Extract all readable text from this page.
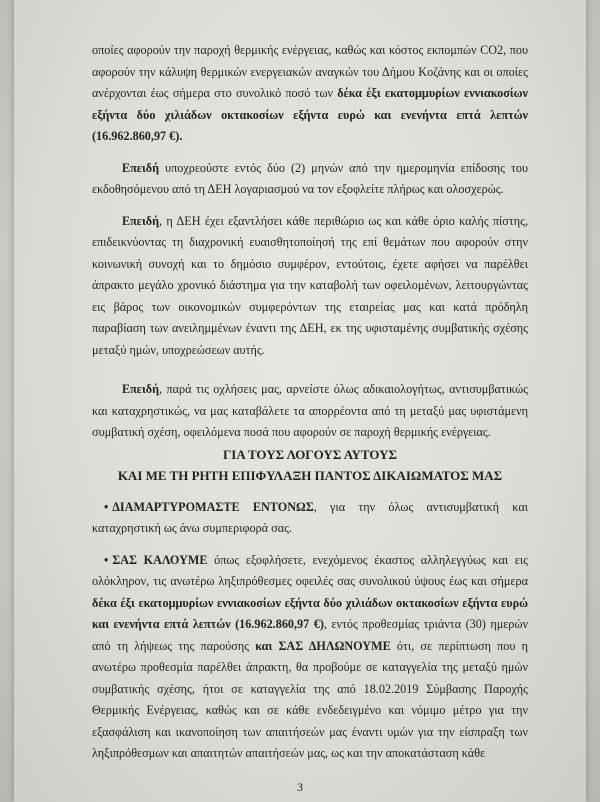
οποίες αφορούν την παροχή θερμικής ενέργειας, καθώς και κόστος εκπομπών CO2, που αφορούν την κάλυψη θερμικών ενεργειακών αναγκών του Δήμου Κοζάνης και οι οποίες ανέρχονται έως σήμερα στο συνολικό ποσό των δέκα έξι εκατομμυρίων εννιακοσίων εξήντα δύο χιλιάδων οκτακοσίων εξήντα ευρώ και ενενήντα επτά λεπτών (16.962.860,97 €).

Επειδή υποχρεούστε εντός δύο (2) μηνών από την ημερομηνία επίδοσης του εκδοθησόμενου από τη ΔΕΗ λογαριασμού να τον εξοφλείτε πλήρως και ολοσχερώς.

Επειδή, η ΔΕΗ έχει εξαντλήσει κάθε περιθώριο ως και κάθε όριο καλής πίστης, επιδεικνύοντας τη διαχρονική ευαισθητοποίησή της επί θεμάτων που αφορούν στην κοινωνική συνοχή και το δημόσιο συμφέρον, εντούτοις, έχετε αφήσει να παρέλθει άπρακτο μεγάλο χρονικό διάστημα για την καταβολή των οφειλομένων, λειτουργώντας εις βάρος των οικονομικών συμφερόντων της εταιρείας μας και κατά πρόδηλη παραβίαση των ανειλημμένων έναντι της ΔΕΗ, εκ της υφισταμένης συμβατικής σχέσης μεταξύ ημών, υποχρεώσεων αυτής.

Επειδή, παρά τις οχλήσεις μας, αρνείστε όλως αδικαιολογήτως, αντισυμβατικώς και καταχρηστικώς, να μας καταβάλετε τα απορρέοντα από τη μεταξύ μας υφιστάμενη συμβατική σχέση, οφειλόμενα ποσά που αφορούν σε παροχή θερμικής ενέργειας.

ΓΙΑ ΤΟΥΣ ΛΟΓΟΥΣ ΑΥΤΟΥΣ

ΚΑΙ ΜΕ ΤΗ ΡΗΤΗ ΕΠΙΦΥΛΑΞΗ ΠΑΝΤΟΣ ΔΙΚΑΙΩΜΑΤΟΣ ΜΑΣ

• ΔΙΑΜΑΡΤΥΡΟΜΑΣΤΕ ΕΝΤΟΝΩΣ, για την όλως αντισυμβατική και καταχρηστική ως άνω συμπεριφορά σας.

• ΣΑΣ ΚΑΛΟΥΜΕ όπως εξοφλήσετε, ενεχόμενος έκαστος αλληλεγγύως και εις ολόκληρον, τις ανωτέρω ληξιπρόθεσμες οφειλές σας συνολικού ύψους έως και σήμερα δέκα έξι εκατομμυρίων εννιακοσίων εξήντα δύο χιλιάδων οκτακοσίων εξήντα ευρώ και ενενήντα επτά λεπτών (16.962.860,97 €), εντός προθεσμίας τριάντα (30) ημερών από τη λήψεως της παρούσης και ΣΑΣ ΔΗΛΩΝΟΥΜΕ ότι, σε περίπτωση που η ανωτέρω προθεσμία παρέλθει άπρακτη, θα προβούμε σε καταγγελία της μεταξύ ημών συμβατικής σχέσης, ήτοι σε καταγγελία της από 18.02.2019 Σύμβασης Παροχής Θερμικής Ενέργειας, καθώς και σε κάθε ενδεδειγμένο και νόμιμο μέτρο για την εξασφάλιση και ικανοποίηση των απαιτήσεών μας έναντι υμών για την είσπραξη των ληξιπρόθεσμων και απαιτητών απαιτήσεών μας, ως και την αποκατάσταση κάθε

3
